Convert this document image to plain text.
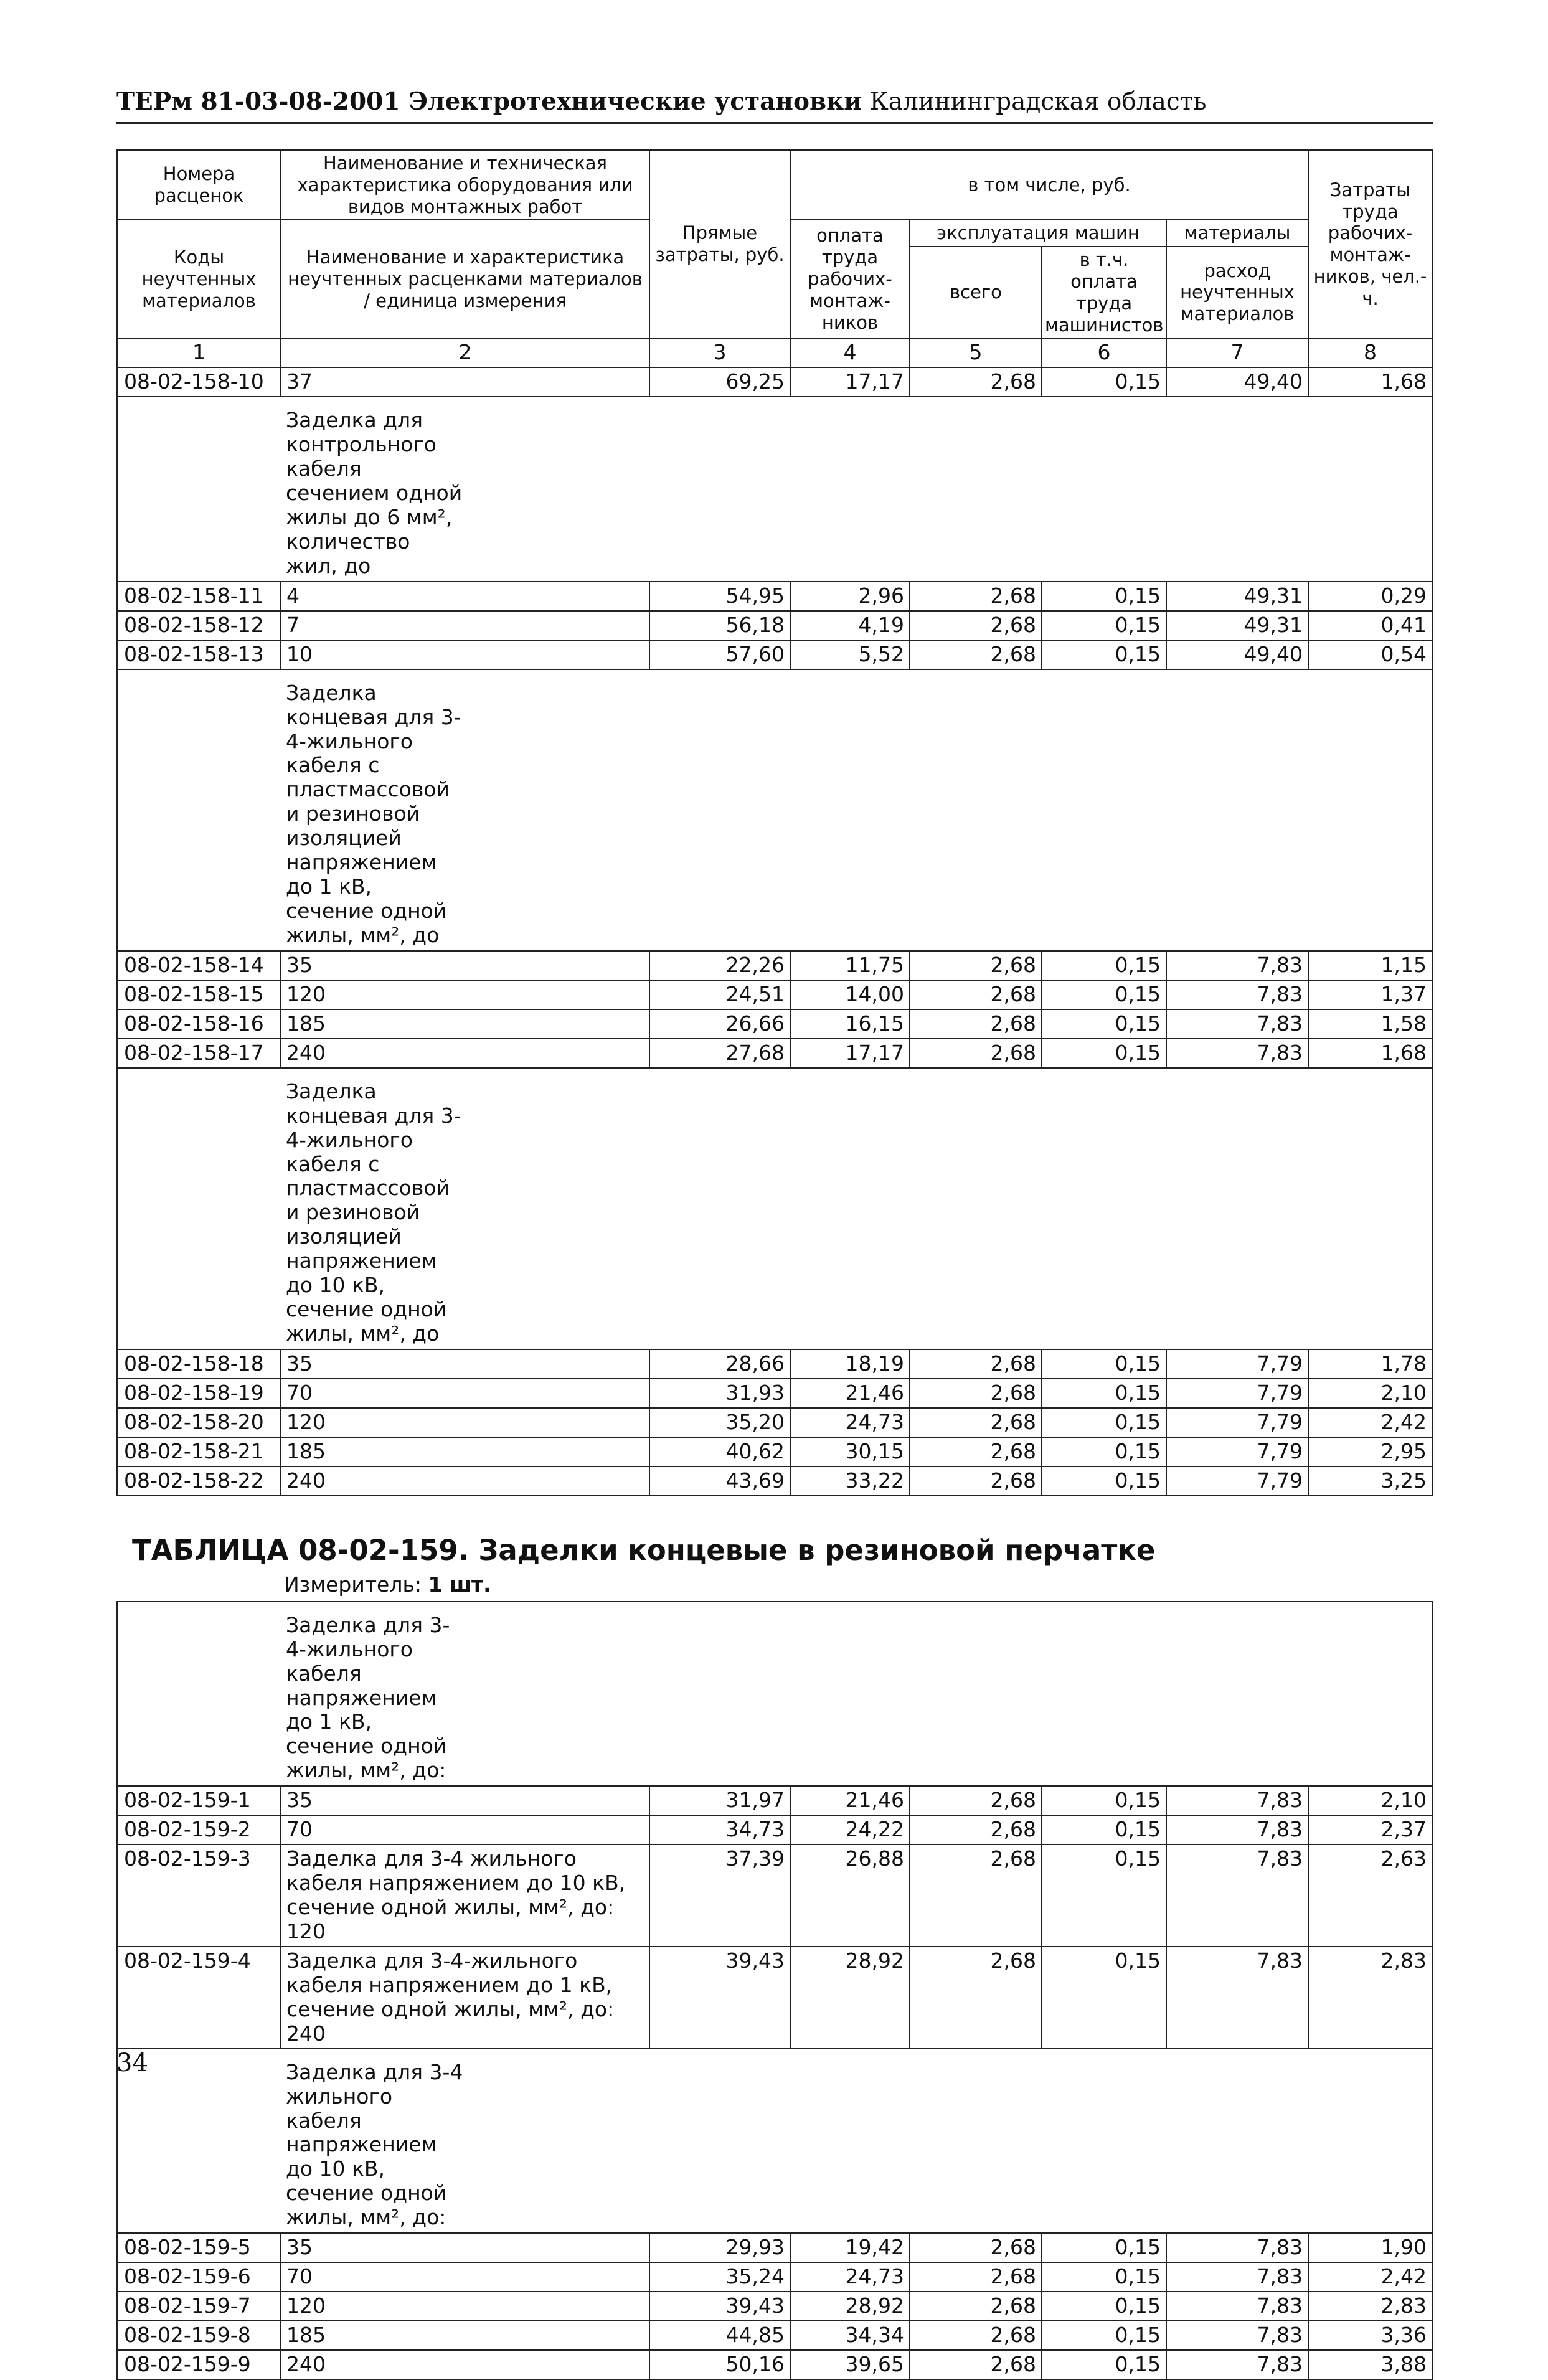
ТЕРм 81-03-08-2001 Электротехнические установки Калининградская область
Номера расценок	Наименование и техническая характеристика оборудования или видов монтажных работ	Прямые затраты, руб.	в том числе, руб.				Затраты труда рабочих-монтаж-ников, чел.-ч.
Коды неучтенных материалов	Наименование и характеристика неучтенных расценками материалов / единица измерения		оплата труда рабочих-монтаж-ников	эксплуатация машин		материалы	
				всего	в т.ч. оплата труда машинистов	расход неучтенных материалов	
1	2	3	4	5	6	7	8
08-02-158-10	37	69,25	17,17	2,68	0,15	49,40	1,68
	Заделка для контрольного кабеля сечением одной жилы до 6 мм², количество жил, до						
08-02-158-11	4	54,95	2,96	2,68	0,15	49,31	0,29
08-02-158-12	7	56,18	4,19	2,68	0,15	49,31	0,41
08-02-158-13	10	57,60	5,52	2,68	0,15	49,40	0,54
	Заделка концевая для 3-4-жильного кабеля с пластмассовой и резиновой изоляцией напряжением до 1 кВ, сечение одной жилы, мм², до						
08-02-158-14	35	22,26	11,75	2,68	0,15	7,83	1,15
08-02-158-15	120	24,51	14,00	2,68	0,15	7,83	1,37
08-02-158-16	185	26,66	16,15	2,68	0,15	7,83	1,58
08-02-158-17	240	27,68	17,17	2,68	0,15	7,83	1,68
	Заделка концевая для 3-4-жильного кабеля с пластмассовой и резиновой изоляцией напряжением до 10 кВ, сечение одной жилы, мм², до						
08-02-158-18	35	28,66	18,19	2,68	0,15	7,79	1,78
08-02-158-19	70	31,93	21,46	2,68	0,15	7,79	2,10
08-02-158-20	120	35,20	24,73	2,68	0,15	7,79	2,42
08-02-158-21	185	40,62	30,15	2,68	0,15	7,79	2,95
08-02-158-22	240	43,69	33,22	2,68	0,15	7,79	3,25

ТАБЛИЦА 08-02-159. Заделки концевые в резиновой перчатке
Измеритель: 1 шт.							

	Заделка для 3-4-жильного кабеля напряжением до 1 кВ, сечение одной жилы, мм², до:						
08-02-159-1	35	31,97	21,46	2,68	0,15	7,83	2,10
08-02-159-2	70	34,73	24,22	2,68	0,15	7,83	2,37
08-02-159-3	Заделка для 3-4 жильного кабеля напряжением до 10 кВ, сечение одной жилы, мм², до: 120	37,39	26,88	2,68	0,15	7,83	2,63
08-02-159-4	Заделка для 3-4-жильного кабеля напряжением до 1 кВ, сечение одной жилы, мм², до: 240	39,43	28,92	2,68	0,15	7,83	2,83
	Заделка для 3-4 жильного кабеля напряжением до 10 кВ, сечение одной жилы, мм², до:						
08-02-159-5	35	29,93	19,42	2,68	0,15	7,83	1,90
08-02-159-6	70	35,24	24,73	2,68	0,15	7,83	2,42
08-02-159-7	120	39,43	28,92	2,68	0,15	7,83	2,83
08-02-159-8	185	44,85	34,34	2,68	0,15	7,83	3,36
08-02-159-9	240	50,16	39,65	2,68	0,15	7,83	3,88
34
